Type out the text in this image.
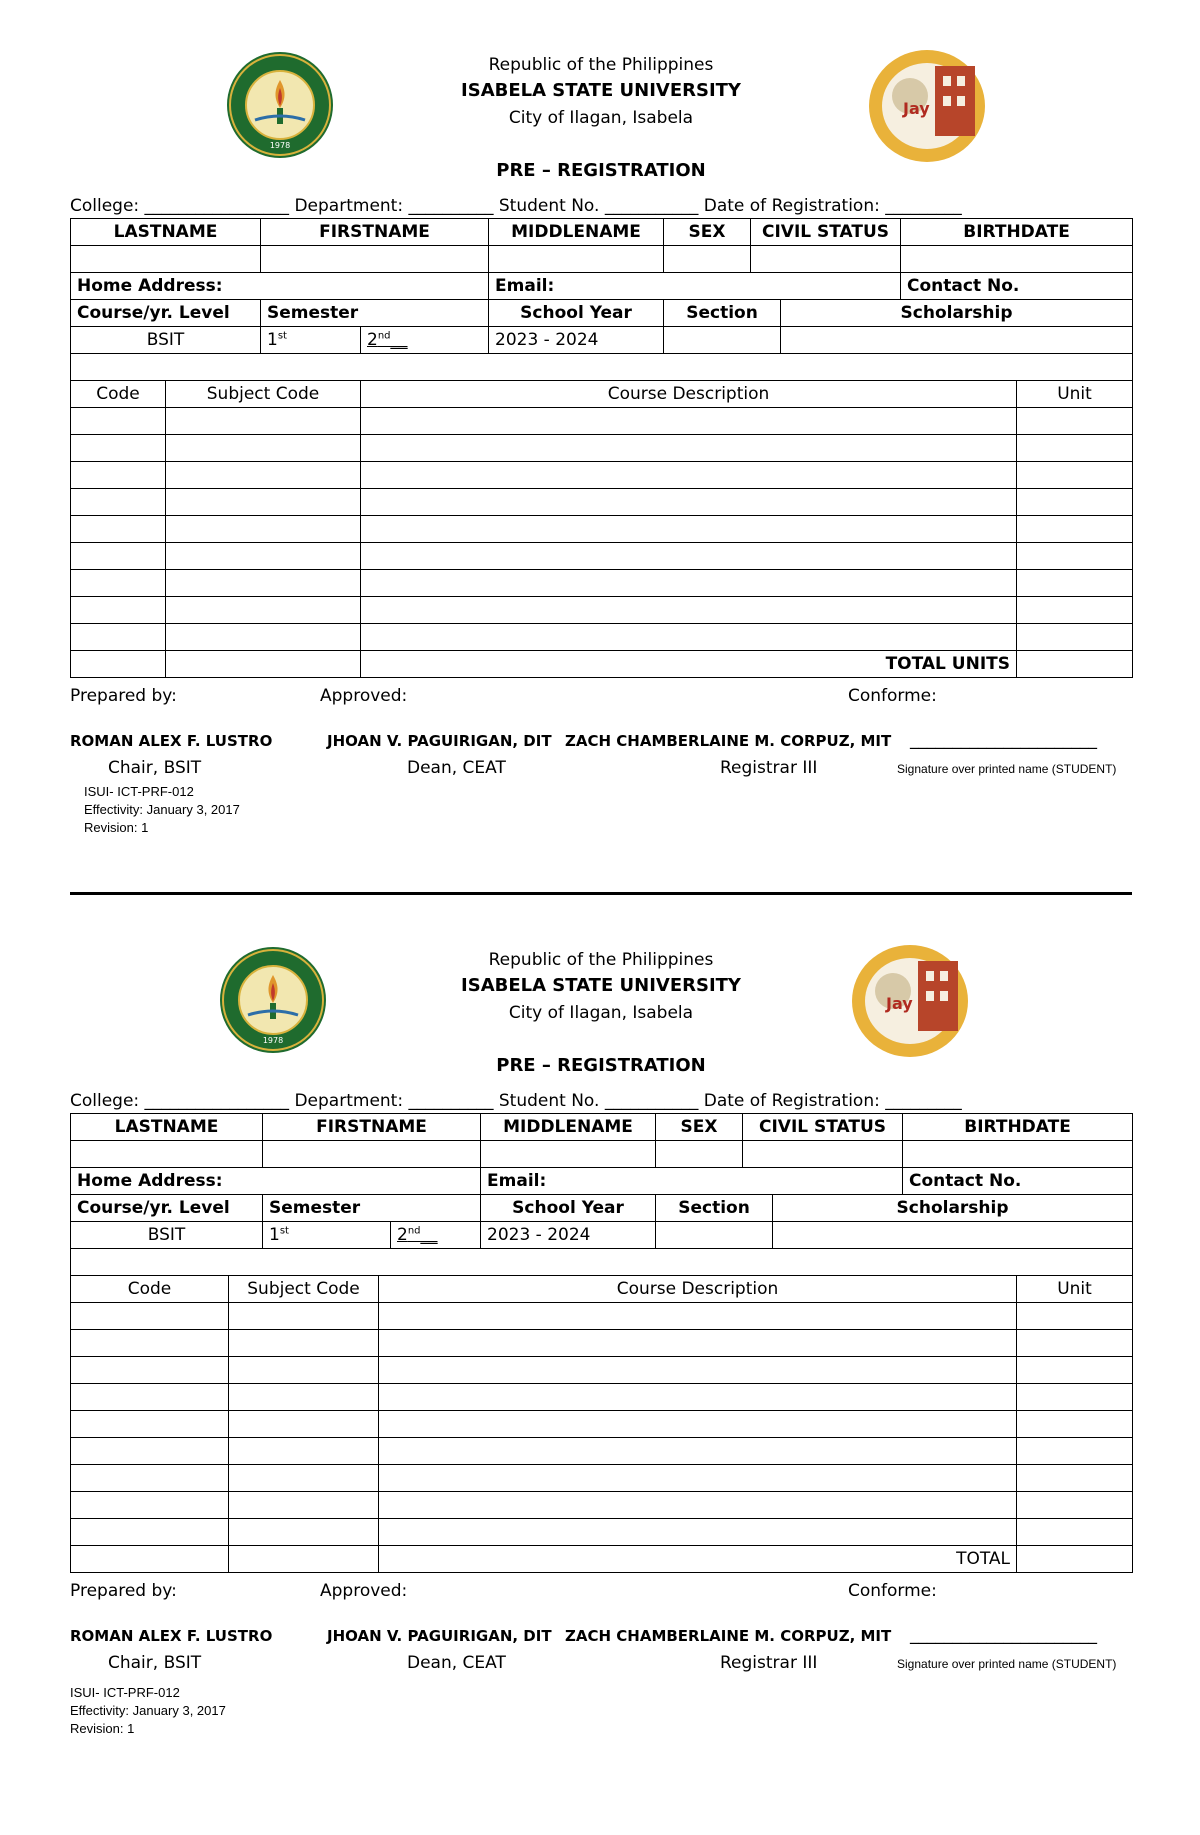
1978
Republic of the Philippines
ISABELA STATE UNIVERSITY
City of Ilagan, Isabela
PRE – REGISTRATION
Jay
College: _________________ Department: __________ Student No. ___________ Date of Registration: _________
LASTNAME	FIRSTNAME		MIDDLENAME	SEX	CIVIL STATUS		BIRTHDATE

Home Address:			Email:				Contact No.
Course/yr. Level	Semester		School Year	Section		Scholarship	
BSIT	1st	2nd__	2023 - 2024				

Code	Subject Code	Course Description	Unit

		TOTAL UNITS	
Prepared by:	Approved:	Conforme:
ROMAN ALEX F. LUSTRO
Chair, BSIT
JHOAN V. PAGUIRIGAN, DIT
Dean, CEAT
ZACH CHAMBERLAINE M. CORPUZ, MIT
Registrar III
______________________
Signature over printed name (STUDENT)
ISUI- ICT-PRF-012
Effectivity: January 3, 2017
Revision: 1
1978
Republic of the Philippines
ISABELA STATE UNIVERSITY
City of Ilagan, Isabela
PRE – REGISTRATION
Jay
College: _________________ Department: __________ Student No. ___________ Date of Registration: _________
LASTNAME	FIRSTNAME		MIDDLENAME	SEX	CIVIL STATUS		BIRTHDATE

Home Address:			Email:				Contact No.
Course/yr. Level	Semester		School Year	Section		Scholarship	
BSIT	1st	2nd__	2023 - 2024				

Code	Subject Code	Course Description	Unit

		TOTAL	
Prepared by:	Approved:	Conforme:
ROMAN ALEX F. LUSTRO
Chair, BSIT
JHOAN V. PAGUIRIGAN, DIT
Dean, CEAT
ZACH CHAMBERLAINE M. CORPUZ, MIT
Registrar III
______________________
Signature over printed name (STUDENT)
ISUI- ICT-PRF-012
Effectivity: January 3, 2017
Revision: 1
